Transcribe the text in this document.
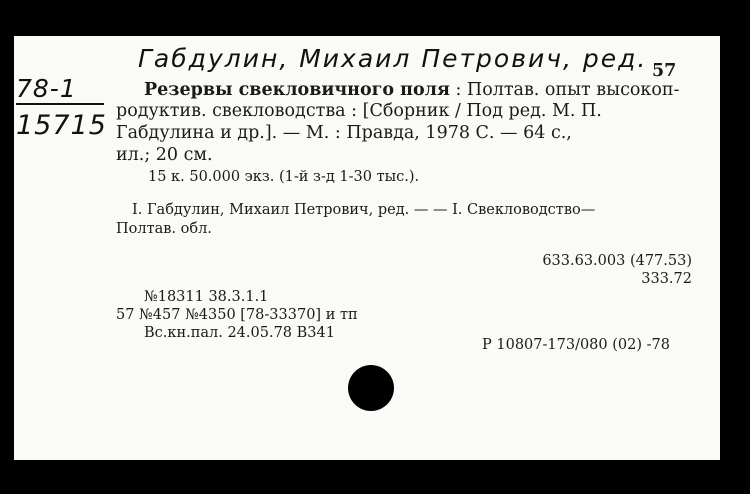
Габдулин, Михаил Петрович, ред.
78-1
15715
57
Резервы свекловичного поля : Полтав. опыт высокоп-
родуктив. свекловодства : [Сборник / Под ред. М. П.
Габдулина и др.]. — М. : Правда, 1978 С. — 64 с.,
ил.; 20 см.
15 к. 50.000 экз. (1-й з-д 1-30 тыс.).
I. Габдулин, Михаил Петрович, ред. — — I. Свекловодство—
Полтав. обл.
633.63.003 (477.53)
333.72
№18311 38.3.1.1
57 №457 №4350 [78-33370] и тп
Вс.кн.пал. 24.05.78 В341
Р 10807-173/080 (02) -78
